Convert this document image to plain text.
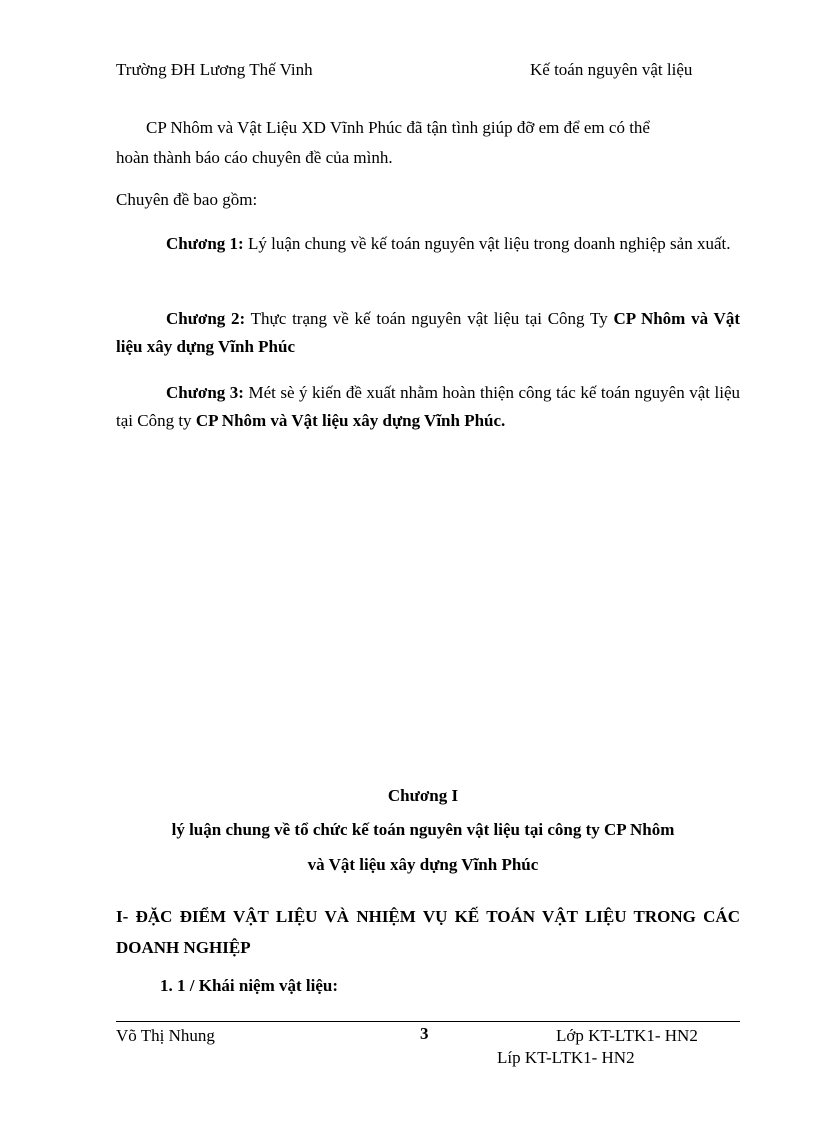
Trường ĐH Lương Thế Vinh	Kế toán nguyên vật liệu
CP Nhôm và Vật Liệu XD Vĩnh Phúc đã tận tình giúp đỡ em để em có thể
hoàn thành báo cáo chuyên đề của mình.
Chuyên đề bao gồm:
Chương 1: Lý luận chung về kế toán nguyên vật liệu trong doanh nghiệp sản xuất.
Chương 2: Thực trạng về kế toán nguyên vật liệu tại Công Ty CP Nhôm và Vật liệu xây dựng Vĩnh Phúc
Chương 3: Mét sè ý kiến đề xuất nhằm hoàn thiện công tác kế toán nguyên vật liệu tại Công ty CP Nhôm và Vật liệu xây dựng Vĩnh Phúc.
Chương I
lý luận chung về tổ chức kế toán nguyên vật liệu tại công ty CP Nhôm
và Vật liệu xây dựng Vĩnh Phúc
I- ĐẶC ĐIỂM VẬT LIỆU VÀ NHIỆM VỤ KẾ TOÁN VẬT LIỆU TRONG CÁC DOANH NGHIỆP
1. 1 / Khái niệm vật liệu:
Võ Thị Nhung	3	Lớp KT-LTK1- HN2
Líp KT-LTK1- HN2
